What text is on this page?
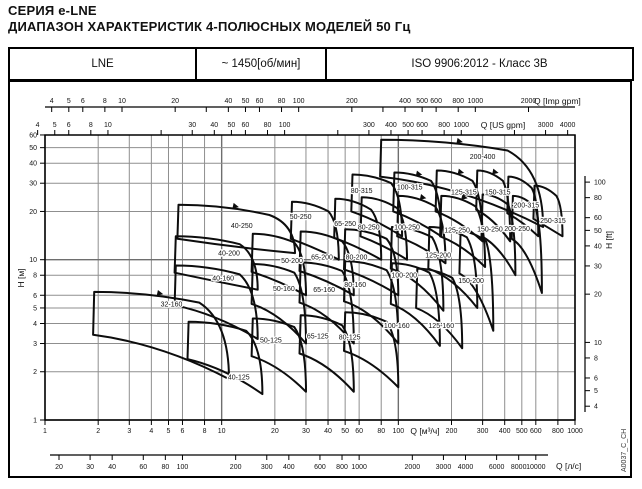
СЕРИЯ e-LNE
ДИАПАЗОН ХАРАКТЕРИСТИК 4-ПОЛЮСНЫХ МОДЕЛЕЙ 50 Гц
LNE	~ 1450[об/мин]	ISO 9906:2012 - Класс 3В
4 5 6	8 10	20	40 50 60 80 100	200	400 500 600 800 1000	2000
Q [Imp gpm]
4 5 6	8 10	30 40 50 60 80 100	300 400 500 600 800 1000	3000 4000
Q [US gpm]
1	2	3	4 5 6	8 10	20	30 40 50 60 80 100	200	300 400 500 600 800 1000
Q [м³/ч]
20	30 40	60 80 100	200	300 400	600 800 1000	2000 3000 4000 6000 8000 10000 Q [л/с]
1
2
3
4
5
6
8
10
20
30
40
50
60
H [м]
4
5
6
8
10
20
30
40
50
60
80
100
H [ft]
200-400
80-315
100-315
125-315 150-315
200-315
250-315
40-250
50-250
65-250 80-250 100-250	125-250 150-250 200-250
40-200
50-200 65-200 80-200
100-200
125-200
150-200
32-160
40-160
50-160	65-160
80-160
100-160	125-160
40-125
50-125
65-125 80-125
A0037_C_CH
